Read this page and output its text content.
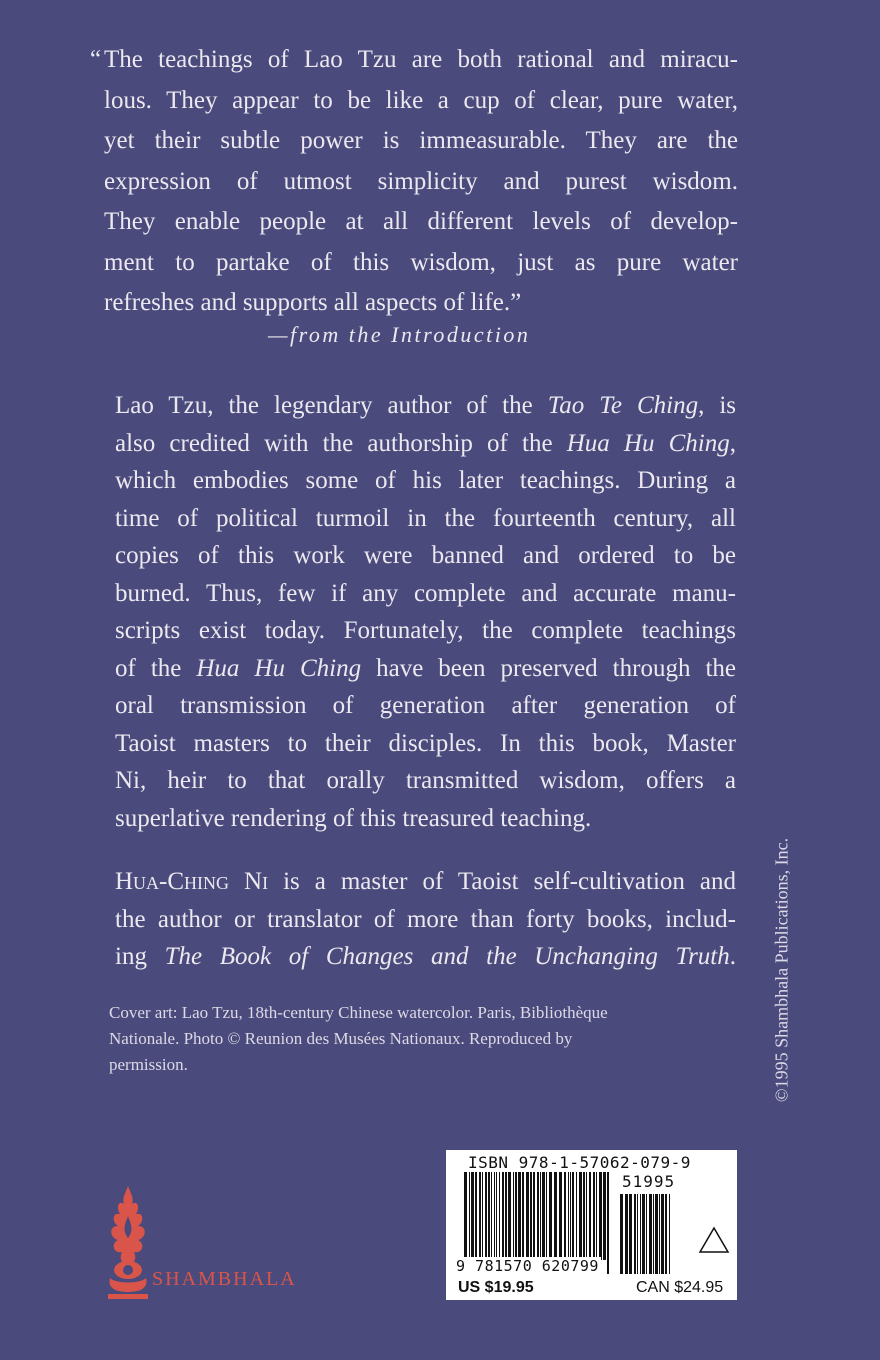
“ The teachings of Lao Tzu are both rational and miracu-
lous. They appear to be like a cup of clear, pure water,
yet their subtle power is immeasurable. They are the
expression of utmost simplicity and purest wisdom.
They enable people at all different levels of develop-
ment to partake of this wisdom, just as pure water
refreshes and supports all aspects of life.”

—from the Introduction

Lao Tzu, the legendary author of the Tao Te Ching, is
also credited with the authorship of the Hua Hu Ching,
which embodies some of his later teachings. During a
time of political turmoil in the fourteenth century, all
copies of this work were banned and ordered to be
burned. Thus, few if any complete and accurate manu-
scripts exist today. Fortunately, the complete teachings
of the Hua Hu Ching have been preserved through the
oral transmission of generation after generation of
Taoist masters to their disciples. In this book, Master
Ni, heir to that orally transmitted wisdom, offers a
superlative rendering of this treasured teaching.
Hua-Ching Ni is a master of Taoist self-cultivation and
the author or translator of more than forty books, includ-
ing The Book of Changes and the Unchanging Truth.
Cover art: Lao Tzu, 18th-century Chinese watercolor. Paris, Bibliothèque
Nationale. Photo © Reunion des Musées Nationaux. Reproduced by
permission.	©1995 Shambhala Publications, Inc.
SHAMBHALA
ISBN 978-1-57062-079-9
51995
9 781570 620799
US $19.95	CAN $24.95
